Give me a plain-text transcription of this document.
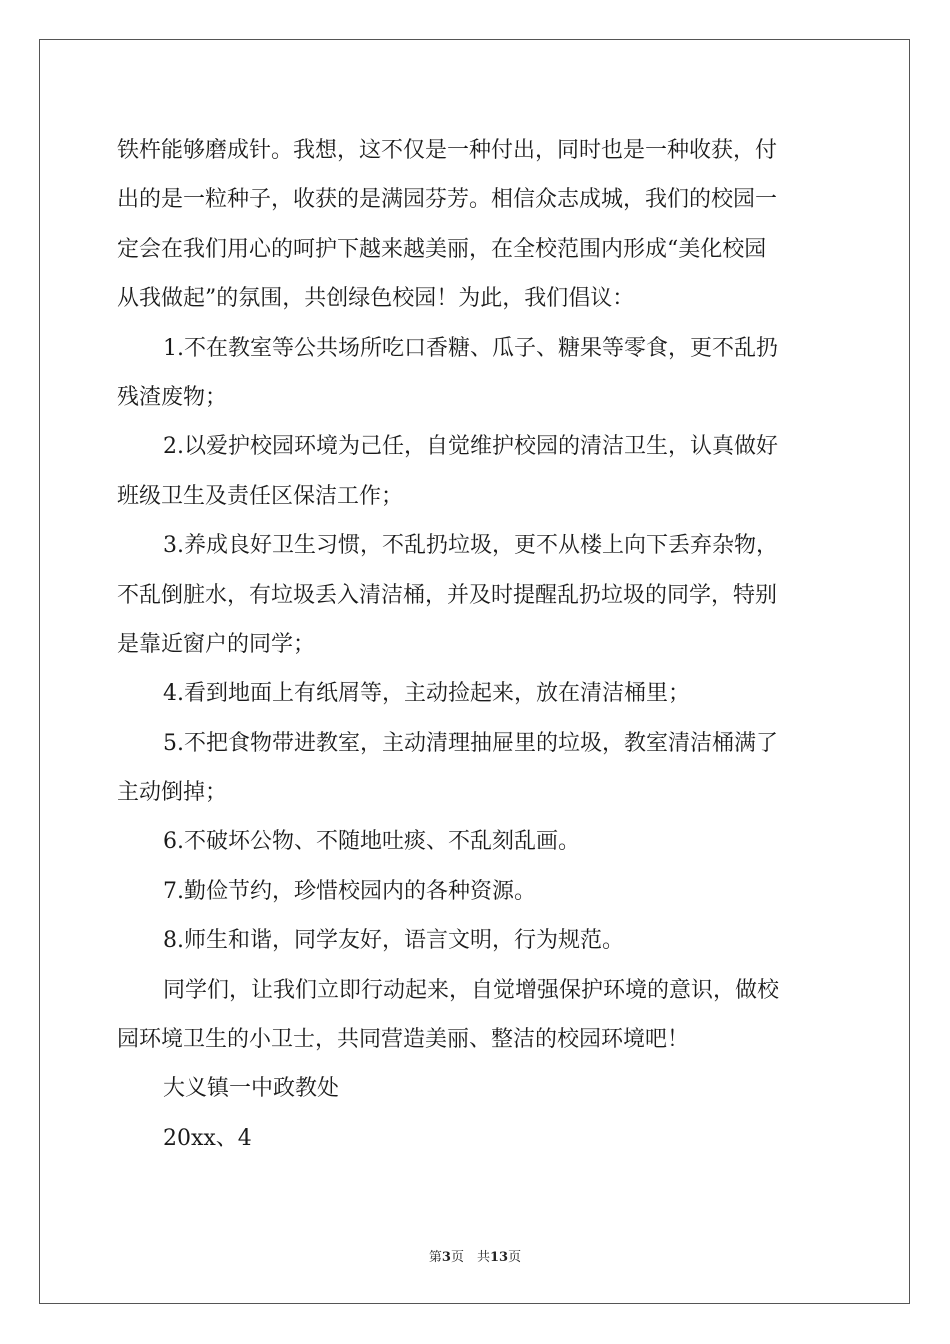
铁杵能够磨成针。我想，这不仅是一种付出，同时也是一种收获，付
出的是一粒种子，收获的是满园芬芳。相信众志成城，我们的校园一
定会在我们用心的呵护下越来越美丽，在全校范围内形成“美化校园
从我做起”的氛围，共创绿色校园！为此，我们倡议：
1.不在教室等公共场所吃口香糖、瓜子、糖果等零食，更不乱扔
残渣废物；
2.以爱护校园环境为己任，自觉维护校园的清洁卫生，认真做好
班级卫生及责任区保洁工作；
3.养成良好卫生习惯，不乱扔垃圾，更不从楼上向下丢弃杂物，
不乱倒脏水，有垃圾丢入清洁桶，并及时提醒乱扔垃圾的同学，特别
是靠近窗户的同学；
4.看到地面上有纸屑等，主动捡起来，放在清洁桶里；
5.不把食物带进教室，主动清理抽屉里的垃圾，教室清洁桶满了
主动倒掉；
6.不破坏公物、不随地吐痰、不乱刻乱画。
7.勤俭节约，珍惜校园内的各种资源。
8.师生和谐，同学友好，语言文明，行为规范。
同学们，让我们立即行动起来，自觉增强保护环境的意识，做校
园环境卫生的小卫士，共同营造美丽、整洁的校园环境吧！
大义镇一中政教处
20xx、4
第3页　共13页
